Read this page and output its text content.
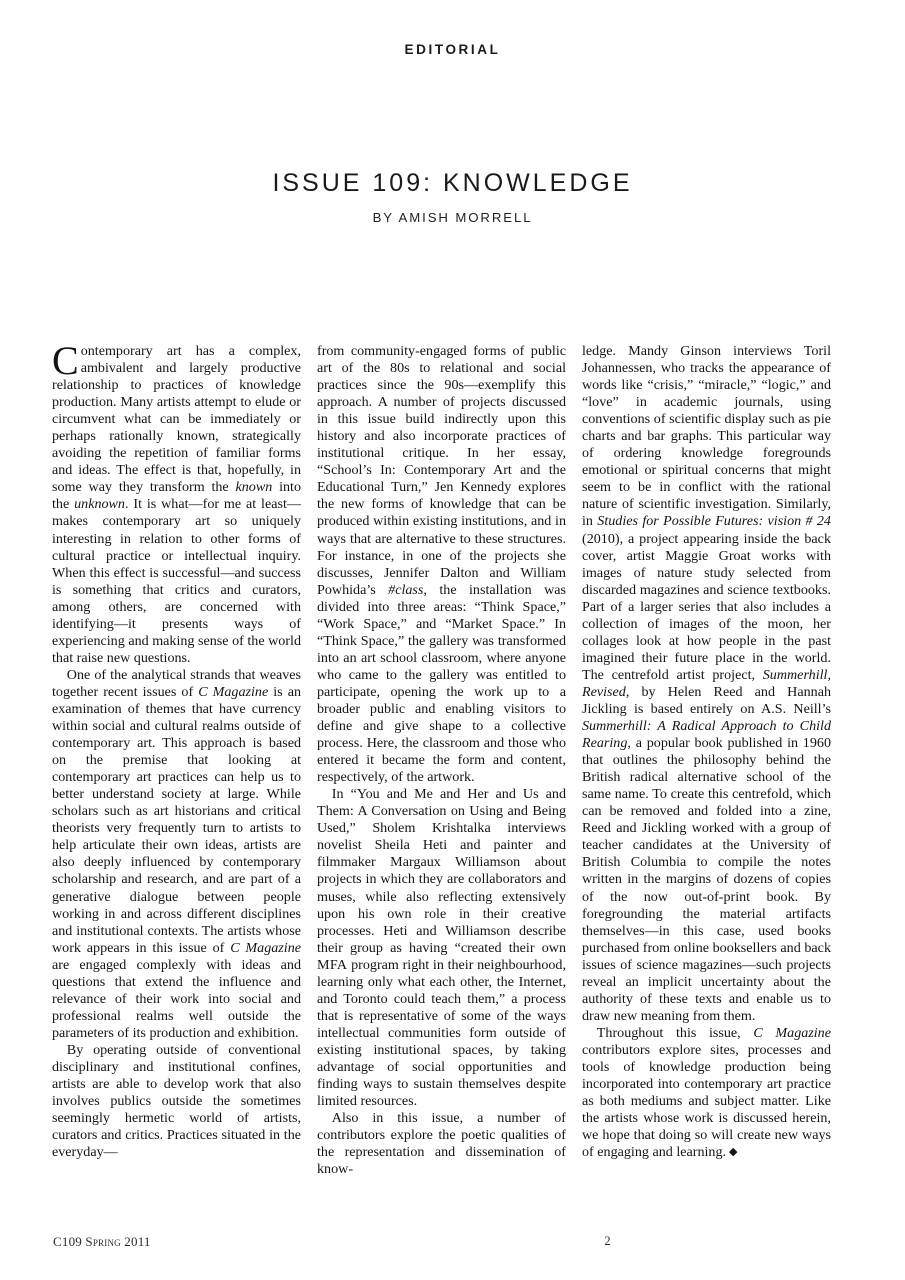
EDITORIAL
ISSUE 109: KNOWLEDGE
BY AMISH MORRELL

Contemporary art has a complex, ambivalent and largely productive relationship to practices of knowledge production. Many artists attempt to elude or circumvent what can be immediately or perhaps rationally known, strategically avoiding the repetition of familiar forms and ideas. The effect is that, hopefully, in some way they transform the known into the unknown. It is what—for me at least—makes contemporary art so uniquely interesting in relation to other forms of cultural practice or intellectual inquiry. When this effect is successful—and success is something that critics and curators, among others, are concerned with identifying—it presents ways of experiencing and making sense of the world that raise new questions.

One of the analytical strands that weaves together recent issues of C Magazine is an examination of themes that have currency within social and cultural realms outside of contemporary art. This approach is based on the premise that looking at contemporary art practices can help us to better understand society at large. While scholars such as art historians and critical theorists very frequently turn to artists to help articulate their own ideas, artists are also deeply influenced by contemporary scholarship and research, and are part of a generative dialogue between people working in and across different disciplines and institutional contexts. The artists whose work appears in this issue of C Magazine are engaged complexly with ideas and questions that extend the influence and relevance of their work into social and professional realms well outside the parameters of its production and exhibition.

By operating outside of conventional disciplinary and institutional confines, artists are able to develop work that also involves publics outside the sometimes seemingly hermetic world of artists, curators and critics. Practices situated in the everyday—

from community-engaged forms of public art of the 80s to relational and social practices since the 90s—exemplify this approach. A number of projects discussed in this issue build indirectly upon this history and also incorporate practices of institutional critique. In her essay, “School’s In: Contemporary Art and the Educational Turn,” Jen Kennedy explores the new forms of knowledge that can be produced within existing institutions, and in ways that are alternative to these structures. For instance, in one of the projects she discusses, Jennifer Dalton and William Powhida’s #class, the installation was divided into three areas: “Think Space,” “Work Space,” and “Market Space.” In “Think Space,” the gallery was transformed into an art school classroom, where anyone who came to the gallery was entitled to participate, opening the work up to a broader public and enabling visitors to define and give shape to a collective process. Here, the classroom and those who entered it became the form and content, respectively, of the artwork.

In “You and Me and Her and Us and Them: A Conversation on Using and Being Used,” Sholem Krishtalka interviews novelist Sheila Heti and painter and filmmaker Margaux Williamson about projects in which they are collaborators and muses, while also reflecting extensively upon his own role in their creative processes. Heti and Williamson describe their group as having “created their own MFA program right in their neighbourhood, learning only what each other, the Internet, and Toronto could teach them,” a process that is representative of some of the ways intellectual communities form outside of existing institutional spaces, by taking advantage of social opportunities and finding ways to sustain themselves despite limited resources.

Also in this issue, a number of contributors explore the poetic qualities of the representation and dissemination of know-

ledge. Mandy Ginson interviews Toril Johannessen, who tracks the appearance of words like “crisis,” “miracle,” “logic,” and “love” in academic journals, using conventions of scientific display such as pie charts and bar graphs. This particular way of ordering knowledge foregrounds emotional or spiritual concerns that might seem to be in conflict with the rational nature of scientific investigation. Similarly, in Studies for Possible Futures: vision # 24 (2010), a project appearing inside the back cover, artist Maggie Groat works with images of nature study selected from discarded magazines and science textbooks. Part of a larger series that also includes a collection of images of the moon, her collages look at how people in the past imagined their future place in the world. The centrefold artist project, Summerhill, Revised, by Helen Reed and Hannah Jickling is based entirely on A.S. Neill’s Summerhill: A Radical Approach to Child Rearing, a popular book published in 1960 that outlines the philosophy behind the British radical alternative school of the same name. To create this centrefold, which can be removed and folded into a zine, Reed and Jickling worked with a group of teacher candidates at the University of British Columbia to compile the notes written in the margins of dozens of copies of the now out-of-print book. By foregrounding the material artifacts themselves—in this case, used books purchased from online booksellers and back issues of science magazines—such projects reveal an implicit uncertainty about the authority of these texts and enable us to draw new meaning from them.

Throughout this issue, C Magazine contributors explore sites, processes and tools of knowledge production being incorporated into contemporary art practice as both mediums and subject matter. Like the artists whose work is discussed herein, we hope that doing so will create new ways of engaging and learning. ◆

C109 Spring 2011	2
